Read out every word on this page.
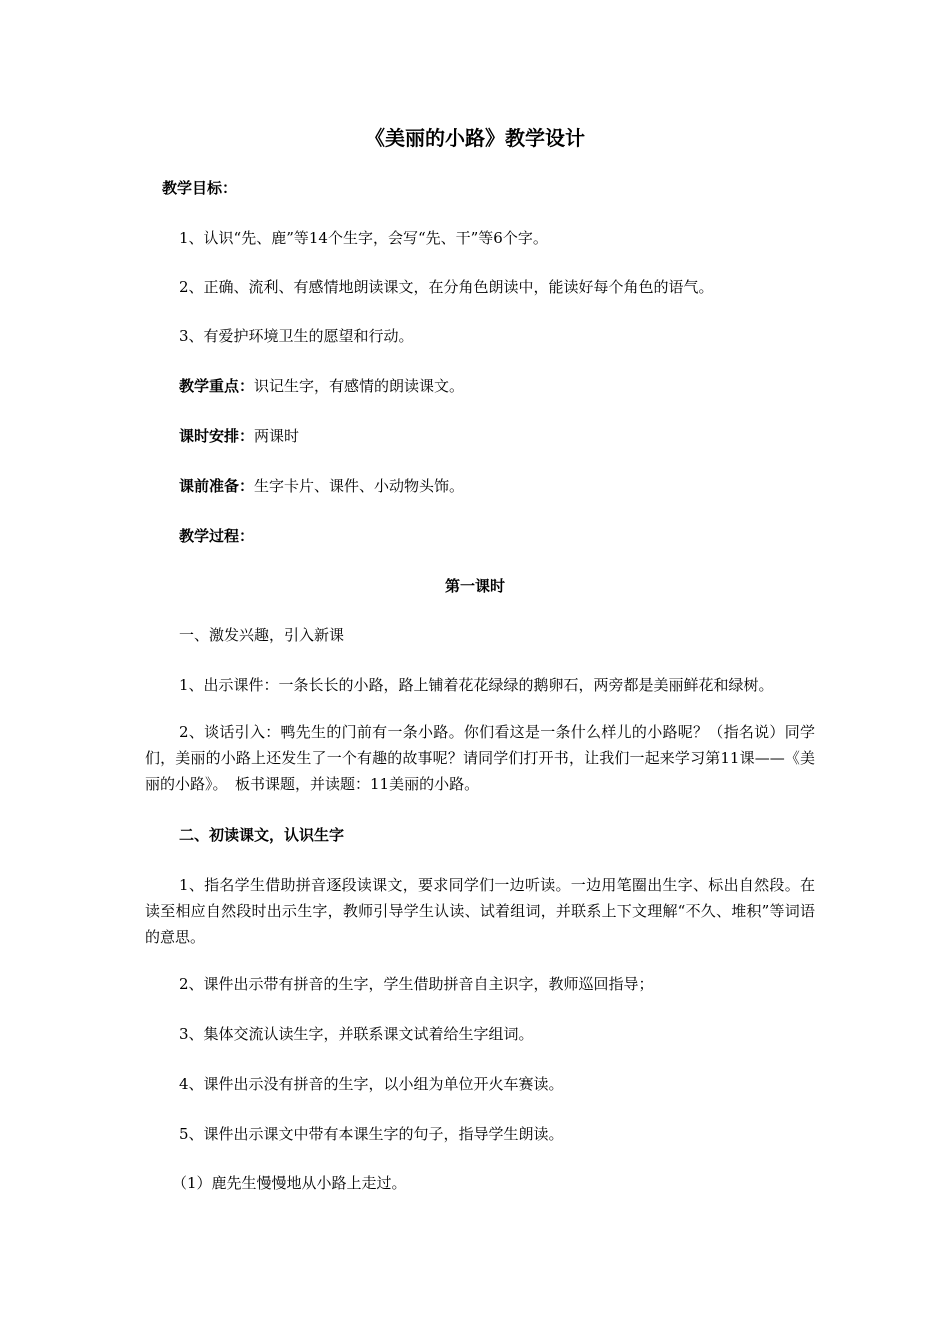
《美丽的小路》教学设计
教学目标：
1、认识“先、鹿”等14个生字，会写“先、干”等6个字。
2、正确、流利、有感情地朗读课文，在分角色朗读中，能读好每个角色的语气。
3、有爱护环境卫生的愿望和行动。
教学重点：识记生字，有感情的朗读课文。
课时安排：两课时
课前准备：生字卡片、课件、小动物头饰。
教学过程：
第一课时
一、激发兴趣，引入新课
1、出示课件：一条长长的小路，路上铺着花花绿绿的鹅卵石，两旁都是美丽鲜花和绿树。
2、谈话引入：鸭先生的门前有一条小路。你们看这是一条什么样儿的小路呢？（指名说）同学们，美丽的小路上还发生了一个有趣的故事呢？请同学们打开书，让我们一起来学习第11课——《美丽的小路》。　板书课题，并读题：11美丽的小路。
二、初读课文，认识生字
1、指名学生借助拼音逐段读课文，要求同学们一边听读。一边用笔圈出生字、标出自然段。在读至相应自然段时出示生字，教师引导学生认读、试着组词，并联系上下文理解“不久、堆积”等词语的意思。
2、课件出示带有拼音的生字，学生借助拼音自主识字，教师巡回指导；
3、集体交流认读生字，并联系课文试着给生字组词。
4、课件出示没有拼音的生字，以小组为单位开火车赛读。
5、课件出示课文中带有本课生字的句子，指导学生朗读。
（1）鹿先生慢慢地从小路上走过。
